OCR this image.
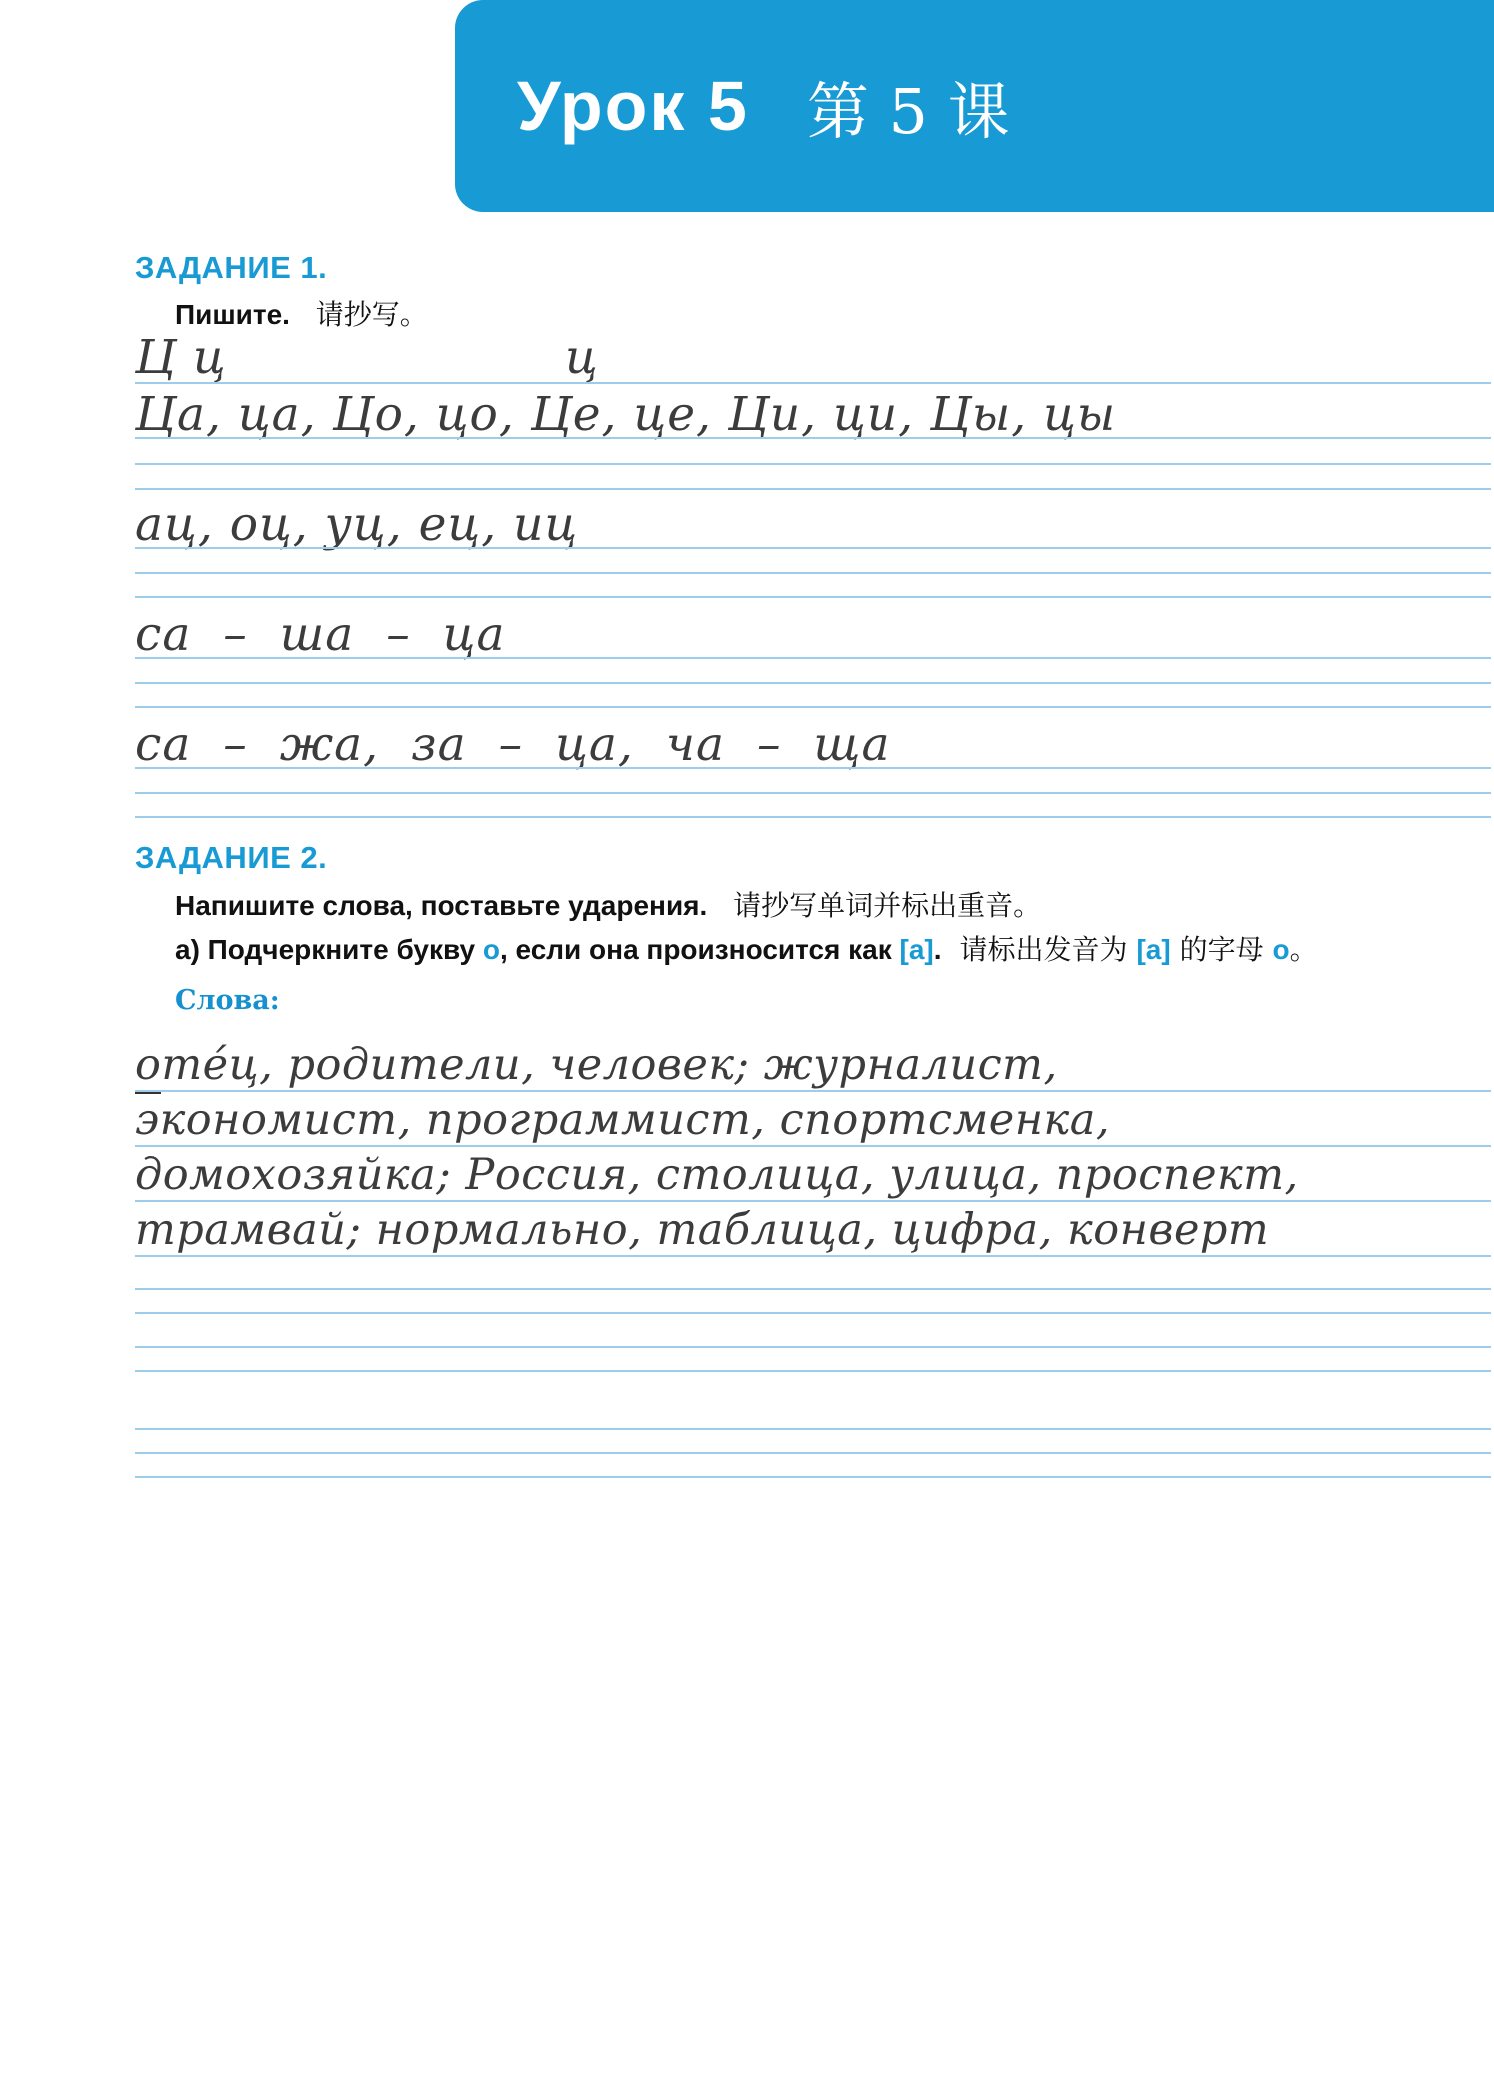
Урок 5 第 5 课
ЗАДАНИЕ 1.
Пишите. 请抄写。
Ц ц	ц
Ца, ца, Цо, цо, Це, це, Ци, ци, Цы, цы
ац, оц, уц, ец, иц
са – ша – ца
са – жа, за – ца, ча – ща
ЗАДАНИЕ 2.
Напишите слова, поставьте ударения. 请抄写单词并标出重音。
а) Подчеркните букву о, если она произносится как [а]. 请标出发音为 [а] 的字母 о。
Слова:
оте́ц, родители, человек; журналист,
экономист, программист, спортсменка,
домохозяйка; Россия, столица, улица, проспект,
трамвай; нормально, таблица, цифра, конверт
